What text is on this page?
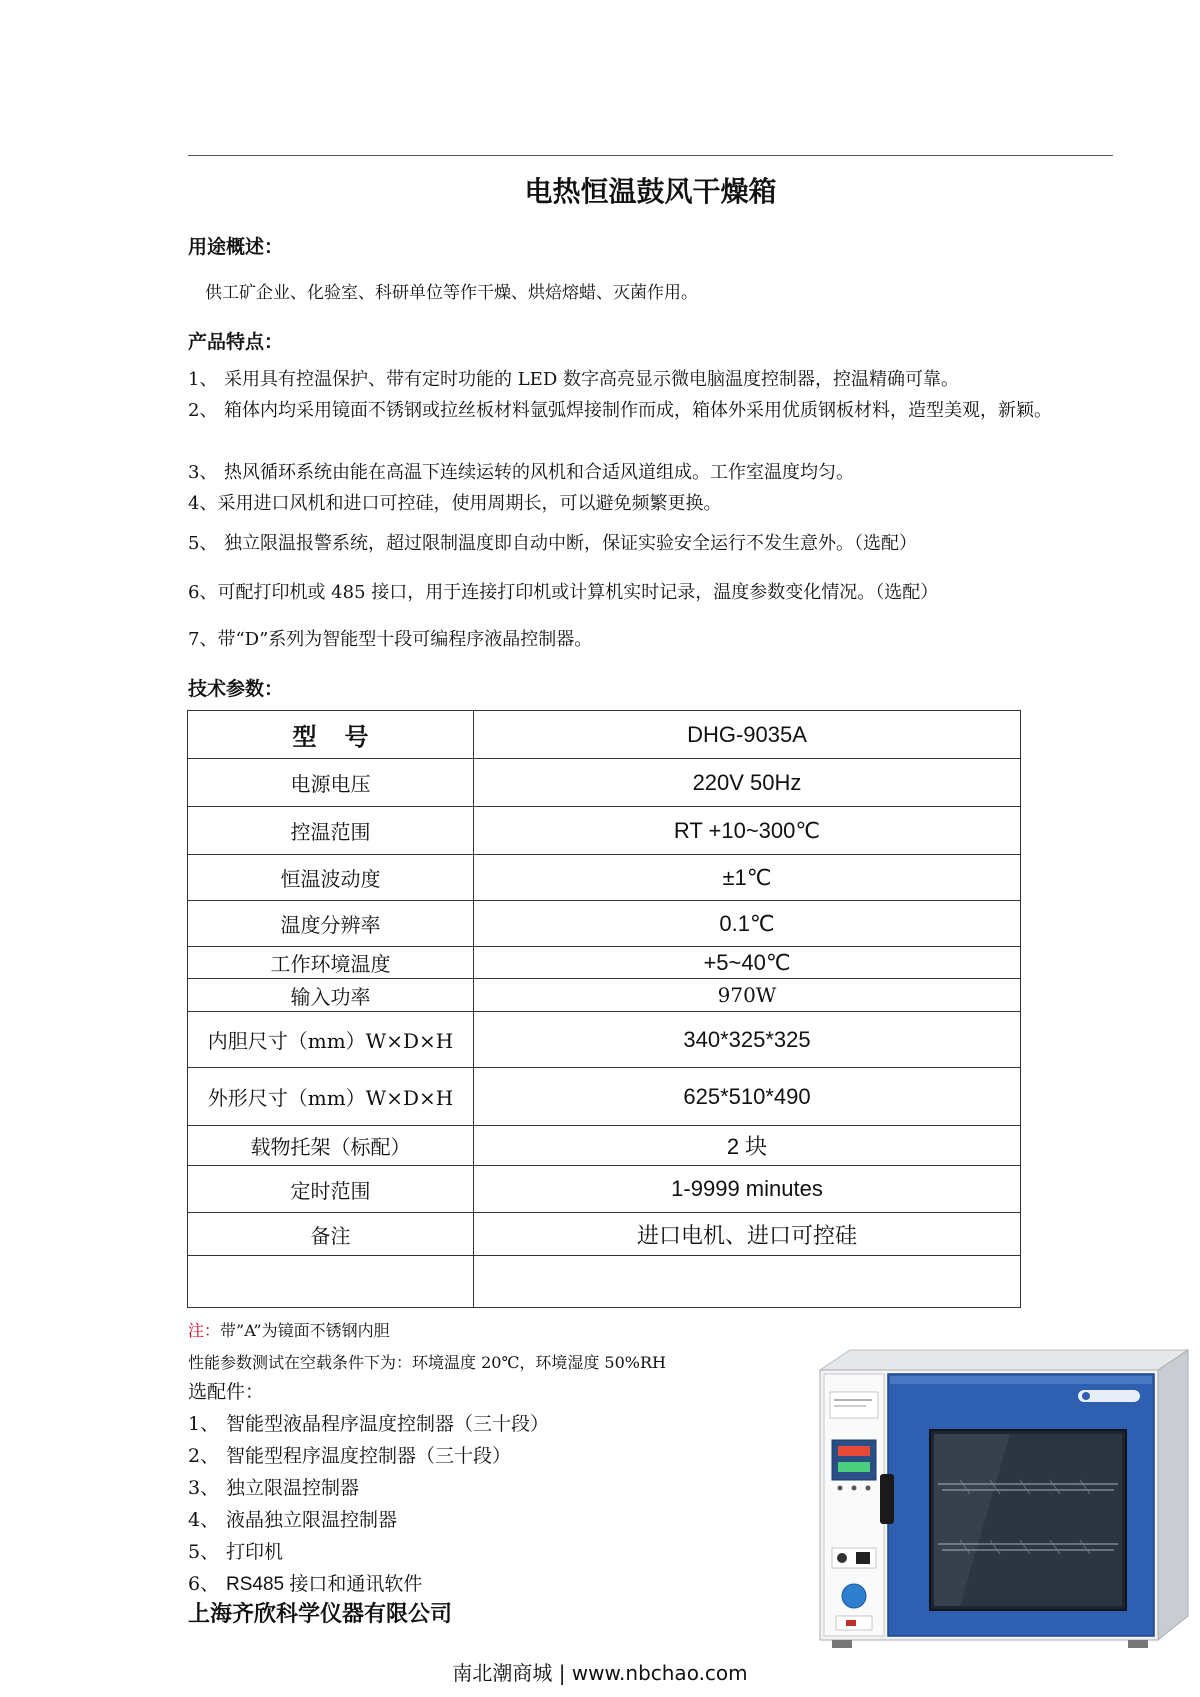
电热恒温鼓风干燥箱
用途概述：
供工矿企业、化验室、科研单位等作干燥、烘焙熔蜡、灭菌作用。
产品特点：
1、 采用具有控温保护、带有定时功能的 LED 数字高亮显示微电脑温度控制器，控温精确可靠。
2、 箱体内均采用镜面不锈钢或拉丝板材料氩弧焊接制作而成，箱体外采用优质钢板材料，造型美观，新颖。
3、 热风循环系统由能在高温下连续运转的风机和合适风道组成。工作室温度均匀。
4、采用进口风机和进口可控硅，使用周期长，可以避免频繁更换。
5、 独立限温报警系统，超过限制温度即自动中断，保证实验安全运行不发生意外。（选配）
6、可配打印机或 485 接口，用于连接打印机或计算机实时记录，温度参数变化情况。（选配）
7、带“D”系列为智能型十段可编程序液晶控制器。
技术参数：
型号	DHG-9035A
电源电压	220V 50Hz
控温范围	RT +10~300℃
恒温波动度	±1℃
温度分辨率	0.1℃
工作环境温度	+5~40℃
输入功率	970W
内胆尺寸（mm）W×D×H	340*325*325
外形尺寸（mm）W×D×H	625*510*490
载物托架（标配）	2 块
定时范围	1-9999 minutes
备注	进口电机、进口可控硅

注：带”A”为镜面不锈钢内胆
性能参数测试在空载条件下为：环境温度 20℃，环境湿度 50%RH
选配件：
1、 智能型液晶程序温度控制器（三十段）
2、 智能型程序温度控制器（三十段）
3、 独立限温控制器
4、 液晶独立限温控制器
5、 打印机
6、 RS485 接口和通讯软件
上海齐欣科学仪器有限公司
南北潮商城 | www.nbchao.com
